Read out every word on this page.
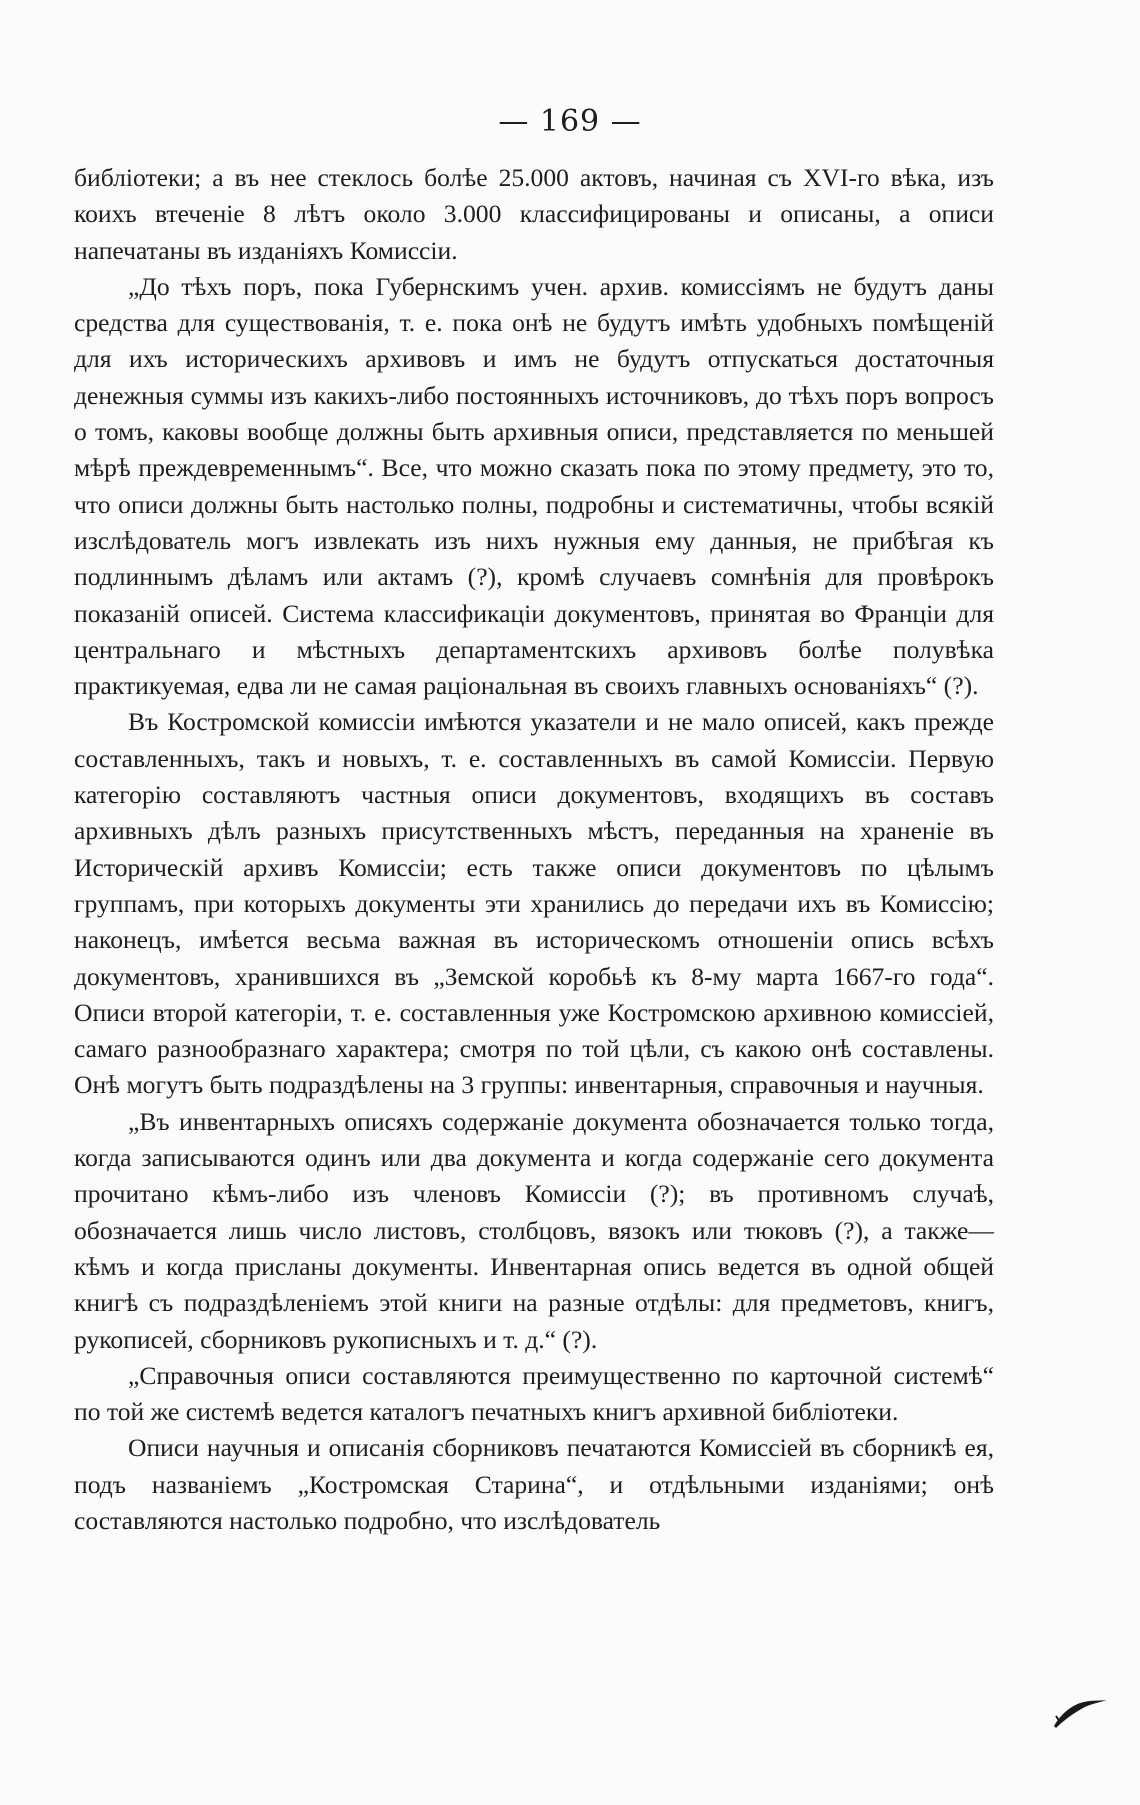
— 169 —

библіотеки; а въ нее стеклось болѣе 25.000 актовъ, начиная съ XVI-го вѣка, изъ коихъ втеченіе 8 лѣтъ около 3.000 классифицированы и описаны, а описи напечатаны въ изданіяхъ Комиссіи.

„До тѣхъ поръ, пока Губернскимъ учен. архив. комиссіямъ не будутъ даны средства для существованія, т. е. пока онѣ не будутъ имѣть удобныхъ помѣщеній для ихъ историческихъ архивовъ и имъ не будутъ отпускаться достаточныя денежныя суммы изъ какихъ-либо постоянныхъ источниковъ, до тѣхъ поръ вопросъ о томъ, каковы вообще должны быть архивныя описи, представляется по меньшей мѣрѣ преждевременнымъ“. Все, что можно сказать пока по этому предмету, это то, что описи должны быть настолько полны, подробны и систематичны, чтобы всякій изслѣдователь могъ извлекать изъ нихъ нужныя ему данныя, не прибѣгая къ подлиннымъ дѣламъ или актамъ (?), кромѣ случаевъ сомнѣнія для провѣрокъ показаній описей. Система классификаціи документовъ, принятая во Франціи для центральнаго и мѣстныхъ департаментскихъ архивовъ болѣе полувѣка практикуемая, едва ли не самая раціональная въ своихъ главныхъ основаніяхъ“ (?).

Въ Костромской комиссіи имѣются указатели и не мало описей, какъ прежде составленныхъ, такъ и новыхъ, т. е. составленныхъ въ самой Комиссіи. Первую категорію составляютъ частныя описи документовъ, входящихъ въ составъ архивныхъ дѣлъ разныхъ присутственныхъ мѣстъ, переданныя на храненіе въ Историческій архивъ Комиссіи; есть также описи документовъ по цѣлымъ группамъ, при которыхъ документы эти хранились до передачи ихъ въ Комиссію; наконецъ, имѣется весьма важная въ историческомъ отношеніи опись всѣхъ документовъ, хранившихся въ „Земской коробьѣ къ 8-му марта 1667-го года“. Описи второй категоріи, т. е. составленныя уже Костромскою архивною комиссіей, самаго разнообразнаго характера; смотря по той цѣли, съ какою онѣ составлены. Онѣ могутъ быть подраздѣлены на 3 группы: инвентарныя, справочныя и научныя.

„Въ инвентарныхъ описяхъ содержаніе документа обозначается только тогда, когда записываются одинъ или два документа и когда содержаніе сего документа прочитано кѣмъ-либо изъ членовъ Комиссіи (?); въ противномъ случаѣ, обозначается лишь число листовъ, столбцовъ, вязокъ или тюковъ (?), а также—кѣмъ и когда присланы документы. Инвентарная опись ведется въ одной общей книгѣ съ подраздѣленіемъ этой книги на разные отдѣлы: для предметовъ, книгъ, рукописей, сборниковъ рукописныхъ и т. д.“ (?).

„Справочныя описи составляются преимущественно по карточной системѣ“ по той же системѣ ведется каталогъ печатныхъ книгъ архивной библіотеки.

Описи научныя и описанія сборниковъ печатаются Комиссіей въ сборникѣ ея, подъ названіемъ „Костромская Старина“, и отдѣльными изданіями; онѣ составляются настолько подробно, что изслѣдователь
